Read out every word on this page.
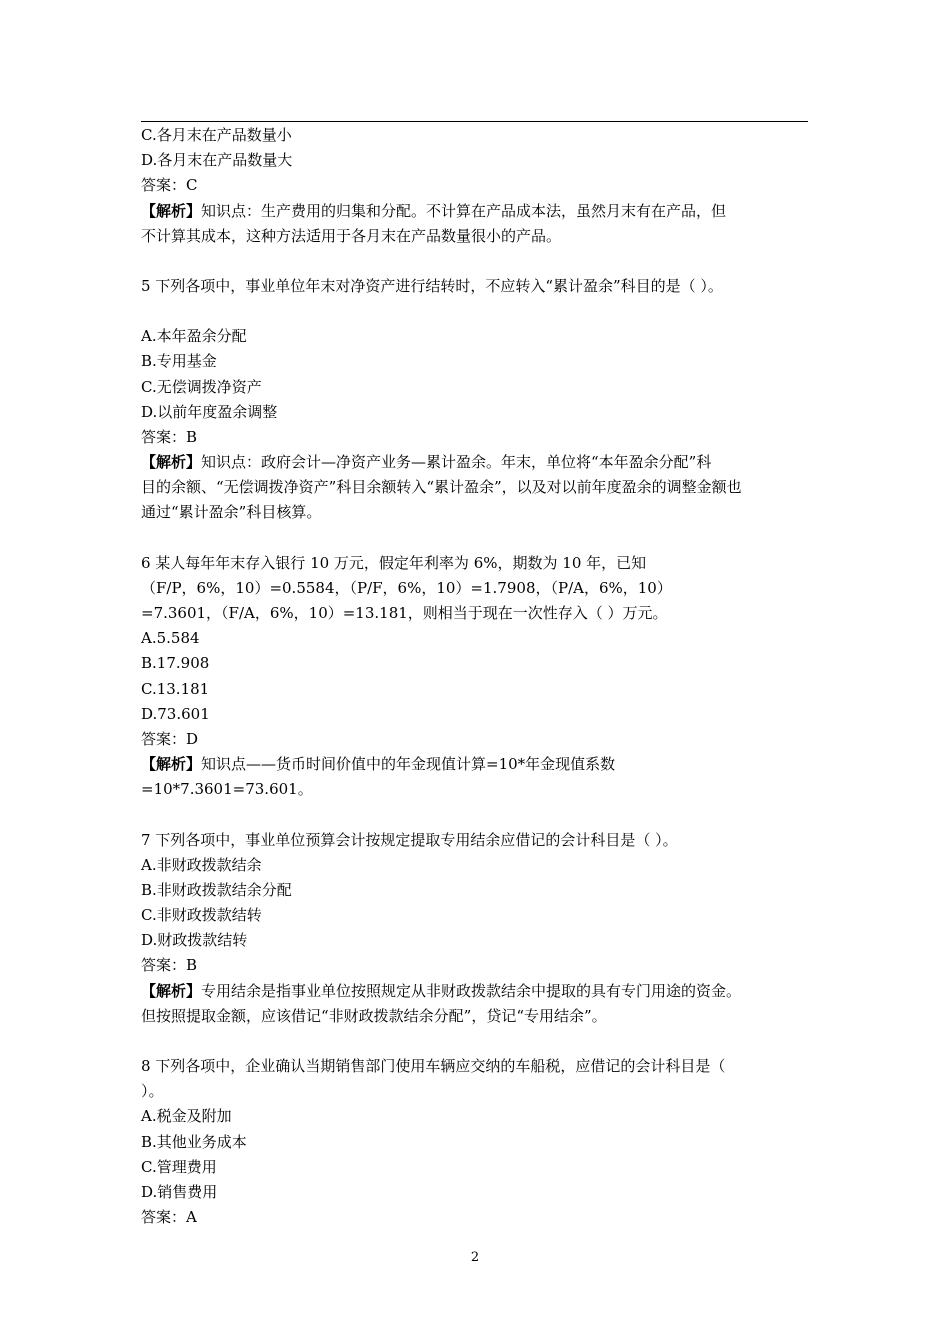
C.各月末在产品数量小
D.各月末在产品数量大
答案：C
【解析】知识点：生产费用的归集和分配。不计算在产品成本法，虽然月末有在产品，但
不计算其成本，这种方法适用于各月末在产品数量很小的产品。
5 下列各项中，事业单位年末对净资产进行结转时，不应转入“累计盈余”科目的是（ ）。
A.本年盈余分配
B.专用基金
C.无偿调拨净资产
D.以前年度盈余调整
答案：B
【解析】知识点：政府会计—净资产业务—累计盈余。年末，单位将“本年盈余分配”科
目的余额、“无偿调拨净资产”科目余额转入“累计盈余”，以及对以前年度盈余的调整金额也
通过“累计盈余”科目核算。
6 某人每年年末存入银行 10 万元，假定年利率为 6%，期数为 10 年，已知
（F/P，6%，10）=0.5584，（P/F，6%，10）=1.7908，（P/A，6%，10）
=7.3601，（F/A，6%，10）=13.181，则相当于现在一次性存入（ ）万元。
A.5.584
B.17.908
C.13.181
D.73.601
答案：D
【解析】知识点——货币时间价值中的年金现值计算=10*年金现值系数
=10*7.3601=73.601。
7 下列各项中，事业单位预算会计按规定提取专用结余应借记的会计科目是（ ）。
A.非财政拨款结余
B.非财政拨款结余分配
C.非财政拨款结转
D.财政拨款结转
答案：B
【解析】专用结余是指事业单位按照规定从非财政拨款结余中提取的具有专门用途的资金。
但按照提取金额，应该借记“非财政拨款结余分配”，贷记“专用结余”。
8 下列各项中，企业确认当期销售部门使用车辆应交纳的车船税，应借记的会计科目是（
）。
A.税金及附加
B.其他业务成本
C.管理费用
D.销售费用
答案：A
2
